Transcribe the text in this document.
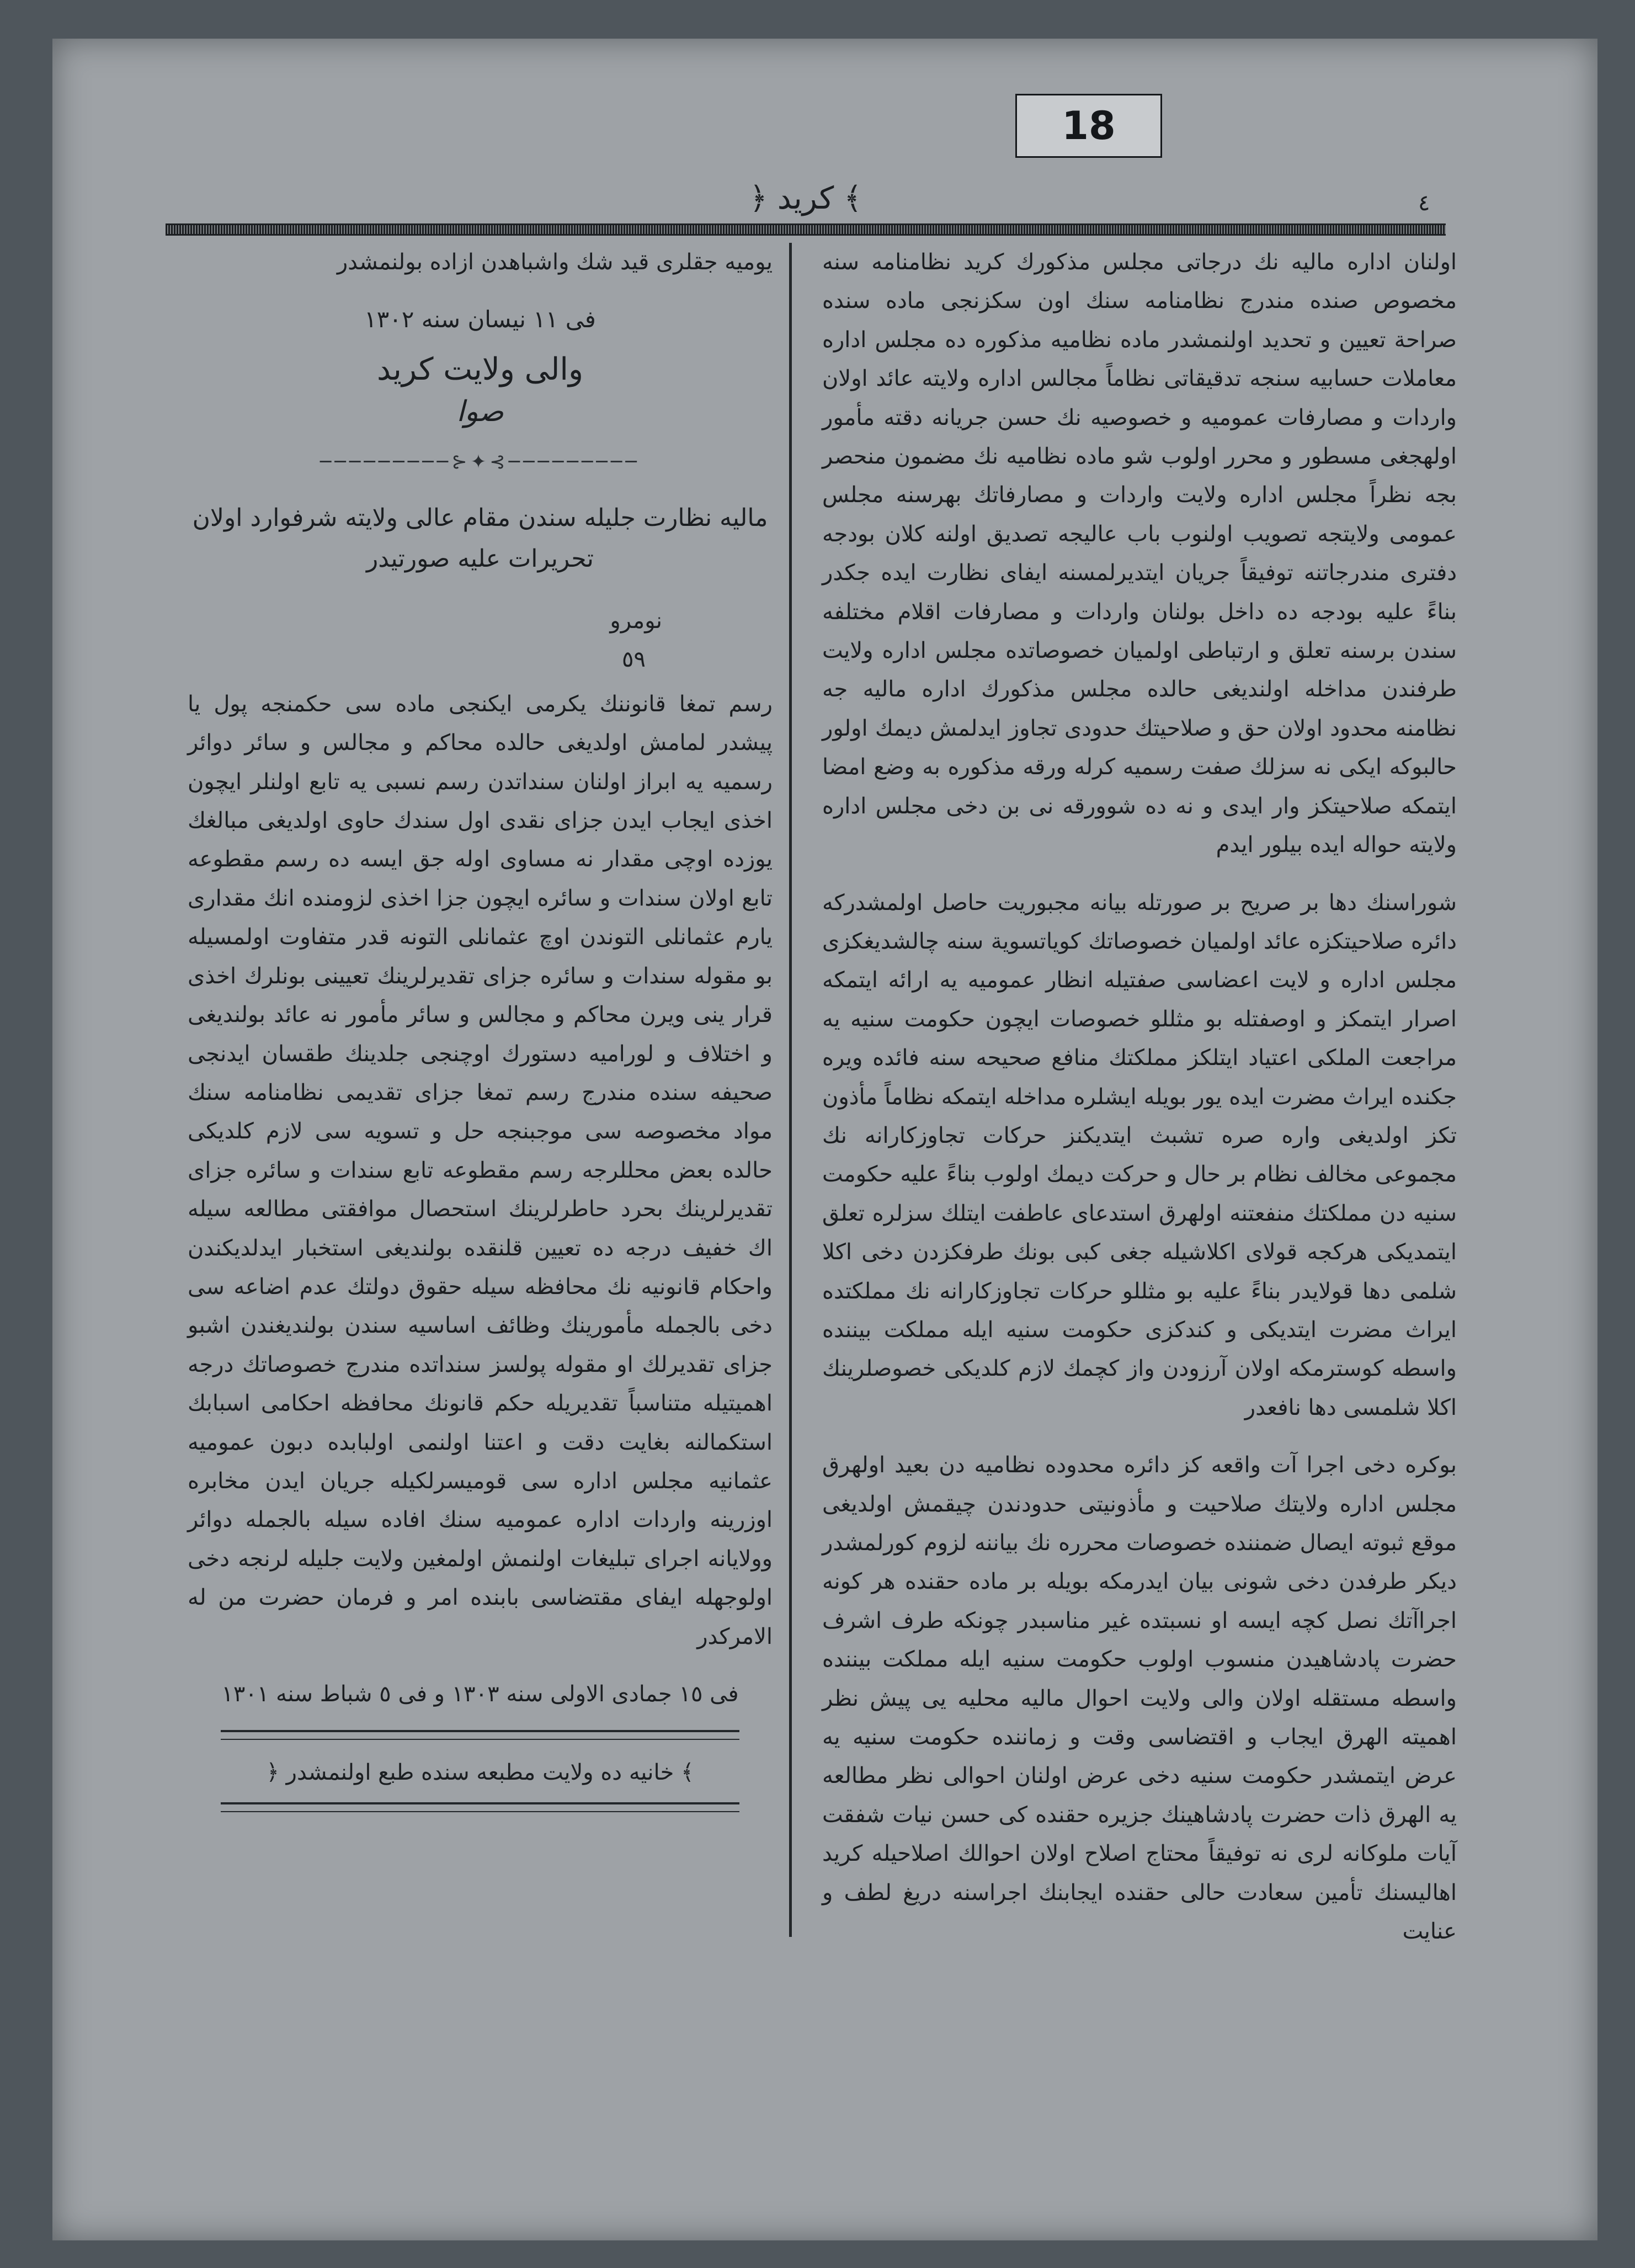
18
﴾ كريد ﴿	٤

اولنان اداره مالیه نك درجاتی مجلس مذكورك كريد نظامنامه سنه مخصوص صنده مندرج نظامنامه سنك اون سكزنجی ماده سنده صراحة تعيين و تحديد اولنمشدر ماده نظامیه مذكوره ده مجلس اداره معاملات حسابيه سنجه تدقيقاتی نظاماً مجالس اداره ولايته عائد اولان واردات و مصارفات عموميه و خصوصيه نك حسن جريانه دقته مأمور اولهجغی مسطور و محرر اولوب شو ماده نظاميه نك مضمون منحصر بجه نظراً مجلس اداره ولايت واردات و مصارفاتك بهرسنه مجلس عمومی ولايتجه تصويب اولنوب باب عاليجه تصديق اولنه كلان بودجه دفتری مندرجاتنه توفيقاً جريان ايتديرلمسنه ايفای نظارت ايده جكدر بناءً عليه بودجه ده داخل بولنان واردات و مصارفات اقلام مختلفه سندن برسنه تعلق و ارتباطی اولميان خصوصاتده مجلس اداره ولايت طرفندن مداخله اولنديغی حالده مجلس مذكورك اداره ماليه جه نظامنه محدود اولان حق و صلاحيتك حدودی تجاوز ايدلمش ديمك اولور حالبوكه ايكی نه سزلك صفت رسميه كرله ورقه مذكوره به وضع امضا ايتمكه صلاحيتكز وار ايدی و نه ده شوورقه نی بن دخی مجلس اداره ولايته حواله ايده بيلور ايدم

شوراسنك دها بر صريح بر صورتله بيانه مجبوريت حاصل اولمشدركه دائره صلاحيتكزه عائد اولميان خصوصاتك كوياتسوية سنه چالشديغكزی مجلس اداره و لايت اعضاسی صفتيله انظار عموميه يه ارائه ايتمكه اصرار ايتمكز و اوصفتله بو مثللو خصوصات ايچون حكومت سنيه يه مراجعت الملكی اعتياد ايتلكز مملكتك منافع صحيحه سنه فائده ويره جكنده ايراث مضرت ايده يور بويله ايشلره مداخله ايتمكه نظاماً مأذون تكز اولديغی واره صره تشبث ايتديكنز حركات تجاوزكارانه نك مجموعی مخالف نظام بر حال و حركت ديمك اولوب بناءً عليه حكومت سنيه دن مملكتك منفعتنه اولهرق استدعای عاطفت ايتلك سزلره تعلق ايتمديكی هركجه قولای اكلاشيله جغی كبی بونك طرفكزدن دخی اكلا شلمی دها قولايدر بناءً عليه بو مثللو حركات تجاوزكارانه نك مملكتده ايراث مضرت ايتديكی و كندكزی حكومت سنيه ايله مملكت بيننده واسطه كوسترمكه اولان آرزودن واز كچمك لازم كلديكی خصوصلرينك اكلا شلمسی دها نافعدر

بوكره دخی اجرا آت واقعه كز دائره محدوده نظاميه دن بعيد اولهرق مجلس اداره ولايتك صلاحيت و مأذونيتی حدودندن چيقمش اولديغی موقع ثبوته ايصال ضمننده خصوصات محرره نك بياننه لزوم كورلمشدر ديكر طرفدن دخی شونی بيان ايدرمكه بويله بر ماده حقنده هر كونه اجراآتك نصل كچه ايسه او نسبتده غير مناسبدر چونكه طرف اشرف حضرت پادشاهيدن منسوب اولوب حكومت سنيه ايله مملكت بيننده واسطه مستقله اولان والی ولايت احوال ماليه محليه يی پيش نظر اهميته الهرق ايجاب و اقتضاسی وقت و زماننده حكومت سنيه يه عرض ايتمشدر حكومت سنيه دخی عرض اولنان احوالی نظر مطالعه يه الهرق ذات حضرت پادشاهينك جزيره حقنده كی حسن نيات شفقت آيات ملوكانه لری نه توفيقاً محتاج اصلاح اولان احوالك اصلاحيله كريد اهاليسنك تأمين سعادت حالی حقنده ايجابنك اجراسنه دريغ لطف و عنايت

يوميه جقلری قيد شك واشباهدن ازاده بولنمشدر
فی ١١ نيسان سنه ١٣٠٢
والی ولايت كريد
صوا
─────────⊱✦⊰─────────
ماليه نظارت جليله سندن مقام عالی ولايته شرفوارد اولان تحريرات عليه صورتيدر
نومرو
٥٩

رسم تمغا قانوننك يكرمی ايكنجی ماده سی حكمنجه پول يا پيشدر لمامش اولديغی حالده محاكم و مجالس و سائر دوائر رسميه يه ابراز اولنان سنداتدن رسم نسبی يه تابع اولنلر ايچون اخذی ايجاب ايدن جزای نقدی اول سندك حاوی اولديغی مبالغك يوزده اوچی مقدار نه مساوی اوله جق ايسه ده رسم مقطوعه تابع اولان سندات و سائره ايچون جزا اخذی لزومنده انك مقداری يارم عثمانلی التوندن اوچ عثمانلی التونه قدر متفاوت اولمسيله بو مقوله سندات و سائره جزای تقديرلرينك تعيينی بونلرك اخذی قرار ينی ويرن محاكم و مجالس و سائر مأمور نه عائد بولنديغی و اختلاف و لوراميه دستورك اوچنجی جلدينك طقسان ايدنجی صحيفه سنده مندرج رسم تمغا جزای تقديمی نظامنامه سنك مواد مخصوصه سی موجبنجه حل و تسويه سی لازم كلديكی حالده بعض محللرجه رسم مقطوعه تابع سندات و سائره جزای تقديرلرينك بحرد حاطرلرينك استحصال موافقتی مطالعه سيله اك خفيف درجه ده تعيين قلنقده بولنديغی استخبار ايدلديكندن واحكام قانونيه نك محافظه سيله حقوق دولتك عدم اضاعه سی دخی بالجمله مأمورينك وظائف اساسيه سندن بولنديغندن اشبو جزای تقديرلك او مقوله پولسز سنداتده مندرج خصوصاتك درجه اهميتيله متناسباً تقديريله حكم قانونك محافظه احكامی اسبابك استكمالنه بغايت دقت و اعتنا اولنمی اولبابده دبون عموميه عثمانيه مجلس اداره سی قوميسرلكيله جريان ايدن مخابره اوزرينه واردات اداره عموميه سنك افاده سيله بالجمله دوائر وولايانه اجرای تبليغات اولنمش اولمغين ولايت جليله لرنجه دخی اولوجهله ايفای مقتضاسی بابنده امر و فرمان حضرت من له الامركدر

فی ١٥ جمادی الاولی سنه ١٣٠٣ و فی ٥ شباط سنه ١٣٠١
﴾ خانيه ده ولايت مطبعه سنده طبع اولنمشدر ﴿
